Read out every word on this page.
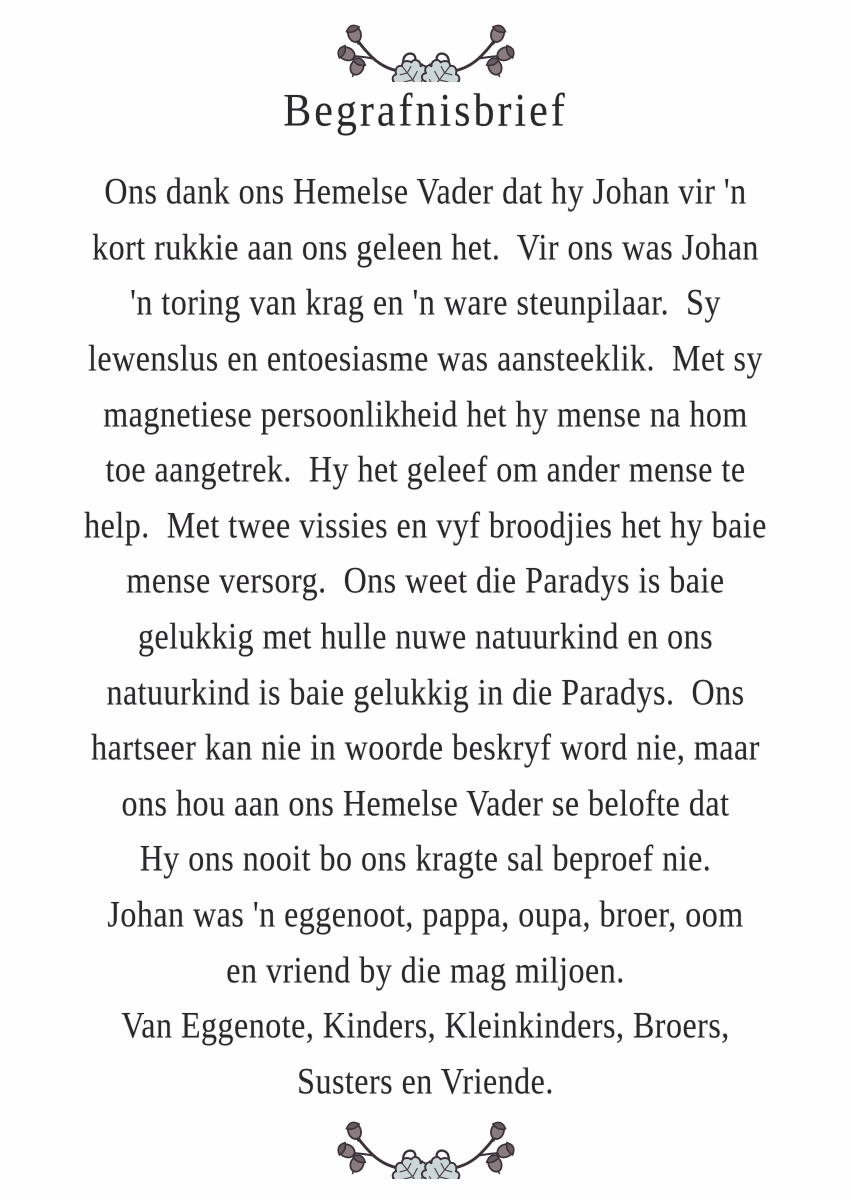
Begrafnisbrief
Ons dank ons Hemelse Vader dat hy Johan vir 'n
kort rukkie aan ons geleen het.  Vir ons was Johan
'n toring van krag en 'n ware steunpilaar.  Sy
lewenslus en entoesiasme was aansteeklik.  Met sy
magnetiese persoonlikheid het hy mense na hom
toe aangetrek.  Hy het geleef om ander mense te
help.  Met twee vissies en vyf broodjies het hy baie
mense versorg.  Ons weet die Paradys is baie
gelukkig met hulle nuwe natuurkind en ons
natuurkind is baie gelukkig in die Paradys.  Ons
hartseer kan nie in woorde beskryf word nie, maar
ons hou aan ons Hemelse Vader se belofte dat
Hy ons nooit bo ons kragte sal beproef nie.
Johan was 'n eggenoot, pappa, oupa, broer, oom
en vriend by die mag miljoen.
Van Eggenote, Kinders, Kleinkinders, Broers,
Susters en Vriende.
